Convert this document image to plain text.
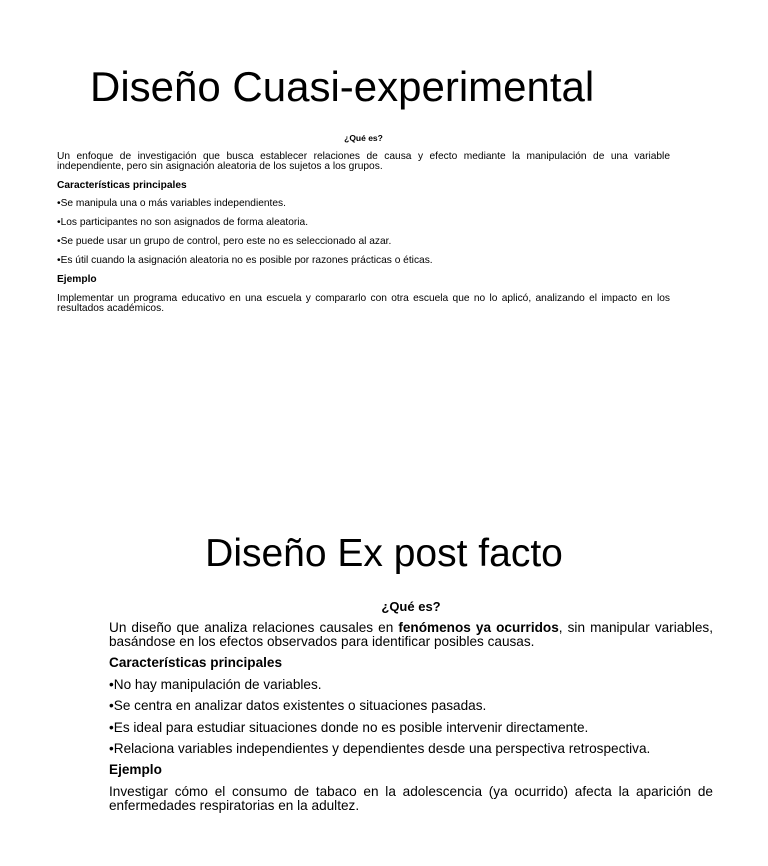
Diseño Cuasi-experimental
¿Qué es?
Un enfoque de investigación que busca establecer relaciones de causa y efecto mediante la manipulación de una variable independiente, pero sin asignación aleatoria de los sujetos a los grupos.
Características principales
•Se manipula una o más variables independientes.
•Los participantes no son asignados de forma aleatoria.
•Se puede usar un grupo de control, pero este no es seleccionado al azar.
•Es útil cuando la asignación aleatoria no es posible por razones prácticas o éticas.
Ejemplo
Implementar un programa educativo en una escuela y compararlo con otra escuela que no lo aplicó, analizando el impacto en los resultados académicos.
Diseño Ex post facto
¿Qué es?
Un diseño que analiza relaciones causales en fenómenos ya ocurridos, sin manipular variables, basándose en los efectos observados para identificar posibles causas.
Características principales
•No hay manipulación de variables.
•Se centra en analizar datos existentes o situaciones pasadas.
•Es ideal para estudiar situaciones donde no es posible intervenir directamente.
•Relaciona variables independientes y dependientes desde una perspectiva retrospectiva.
Ejemplo
Investigar cómo el consumo de tabaco en la adolescencia (ya ocurrido) afecta la aparición de enfermedades respiratorias en la adultez.
